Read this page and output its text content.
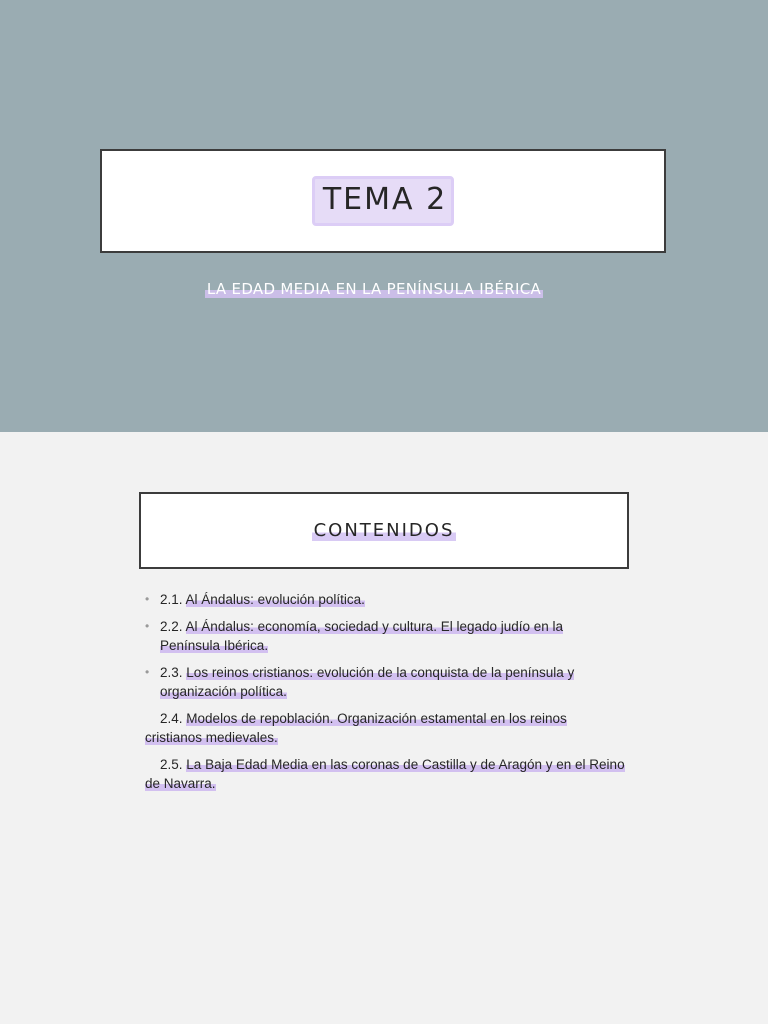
TEMA 2
LA EDAD MEDIA EN LA PENÍNSULA IBÉRICA
CONTENIDOS
• 2.1. Al Ándalus: evolución política.
• 2.2. Al Ándalus: economía, sociedad y cultura. El legado judío en la Península Ibérica.
• 2.3. Los reinos cristianos: evolución de la conquista de la península y organización política.
2.4. Modelos de repoblación. Organización estamental en los reinos cristianos medievales.
2.5. La Baja Edad Media en las coronas de Castilla y de Aragón y en el Reino de Navarra.
